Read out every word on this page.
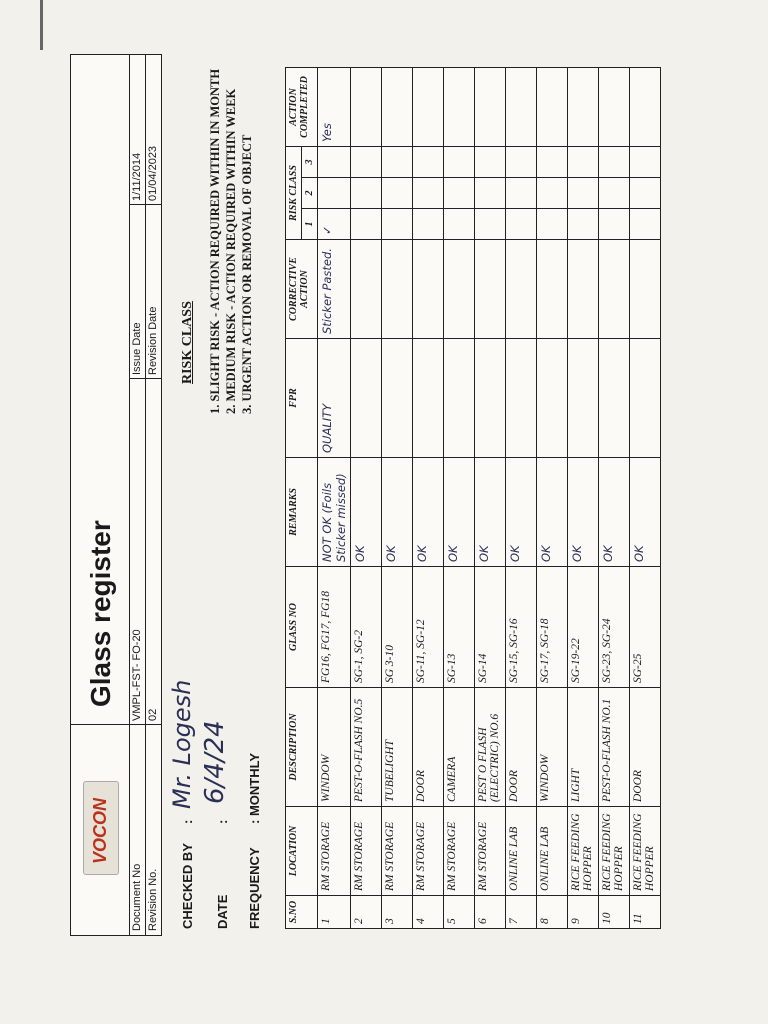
VOCON
Glass register
Document No
VMPL-FST- FO-20
Issue Date
1/11/2014
Revision No.
02
Revision Date
01/04/2023
CHECKED BY
:
Mr. Logesh
DATE
:
6/4/24
FREQUENCY
: MONTHLY
RISK CLASS 1. SLIGHT RISK - ACTION REQUIRED WITHIN IN MONTH 2. MEDIUM RISK - ACTION REQUIRED WITHIN WEEK 3. URGENT ACTION OR REMOVAL OF OBJECT
S.NO	LOCATION	DESCRIPTION	GLASS NO	REMARKS	FPR	CORRECTIVE ACTION	RISK CLASS			ACTION COMPLETED
							1	2	3	
1	RM STORAGE	WINDOW	FG16, FG17, FG18	NOT OK (Foils Sticker missed)	QUALITY	Sticker Pasted.	✓			Yes
2	RM STORAGE	PEST-O-FLASH NO.5	SG-1, SG-2	OK						
3	RM STORAGE	TUBELIGHT	SG 3-10	OK						
4	RM STORAGE	DOOR	SG-11, SG-12	OK						
5	RM STORAGE	CAMERA	SG-13	OK						
6	RM STORAGE	PEST O FLASH (ELECTRIC) NO.6	SG-14	OK						
7	ONLINE LAB	DOOR	SG-15, SG-16	OK						
8	ONLINE LAB	WINDOW	SG-17, SG-18	OK						
9	RICE FEEDING HOPPER	LIGHT	SG-19-22	OK						
10	RICE FEEDING HOPPER	PEST-O-FLASH NO.1	SG-23, SG-24	OK						
11	RICE FEEDING HOPPER	DOOR	SG-25	OK						
